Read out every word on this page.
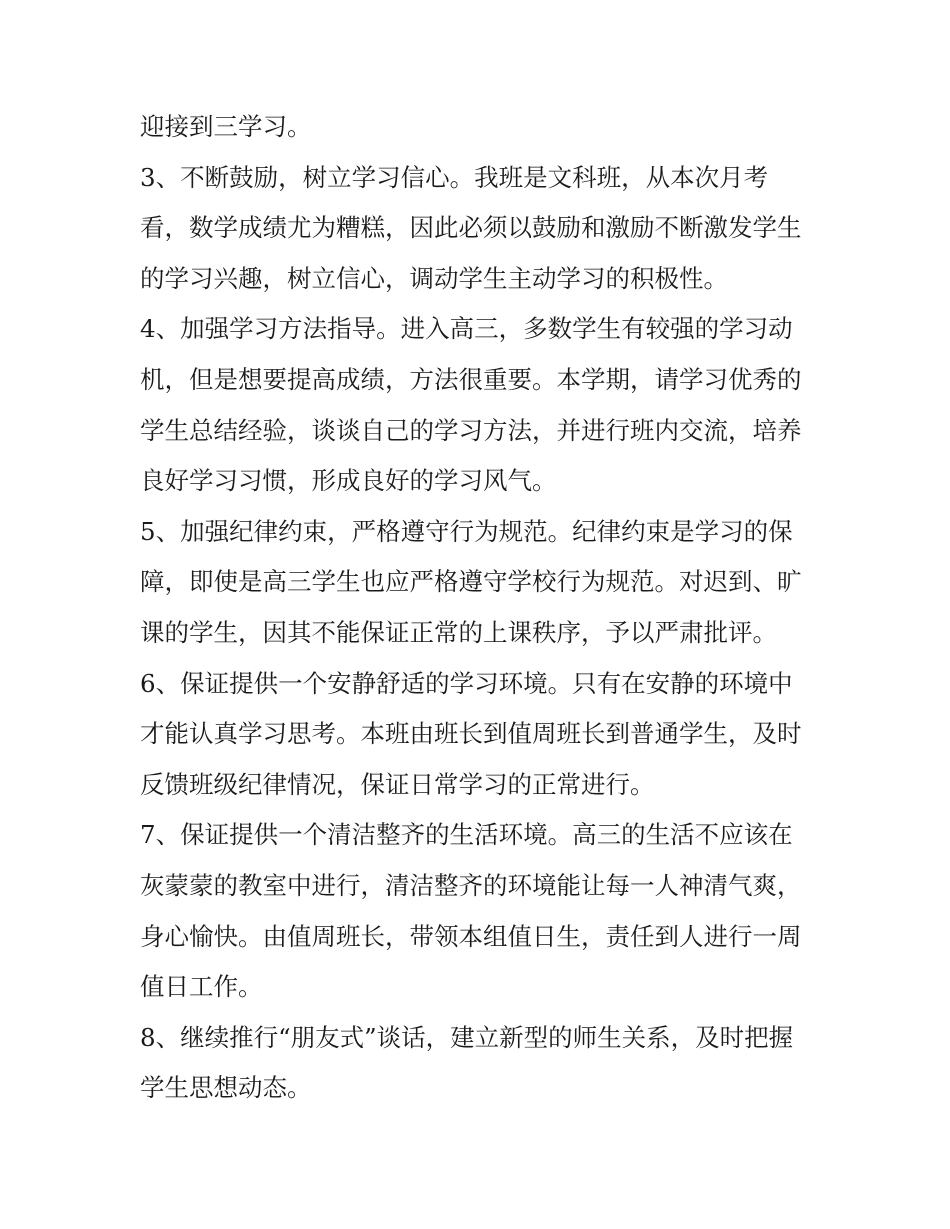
迎接到三学习。
3、不断鼓励，树立学习信心。我班是文科班，从本次月考
看，数学成绩尤为糟糕，因此必须以鼓励和激励不断激发学生
的学习兴趣，树立信心，调动学生主动学习的积极性。
4、加强学习方法指导。进入高三，多数学生有较强的学习动
机，但是想要提高成绩，方法很重要。本学期，请学习优秀的
学生总结经验，谈谈自己的学习方法，并进行班内交流，培养
良好学习习惯，形成良好的学习风气。
5、加强纪律约束，严格遵守行为规范。纪律约束是学习的保
障，即使是高三学生也应严格遵守学校行为规范。对迟到、旷
课的学生，因其不能保证正常的上课秩序，予以严肃批评。
6、保证提供一个安静舒适的学习环境。只有在安静的环境中
才能认真学习思考。本班由班长到值周班长到普通学生，及时
反馈班级纪律情况，保证日常学习的正常进行。
7、保证提供一个清洁整齐的生活环境。高三的生活不应该在
灰蒙蒙的教室中进行，清洁整齐的环境能让每一人神清气爽，
身心愉快。由值周班长，带领本组值日生，责任到人进行一周
值日工作。
8、继续推行“朋友式”谈话，建立新型的师生关系，及时把握
学生思想动态。
